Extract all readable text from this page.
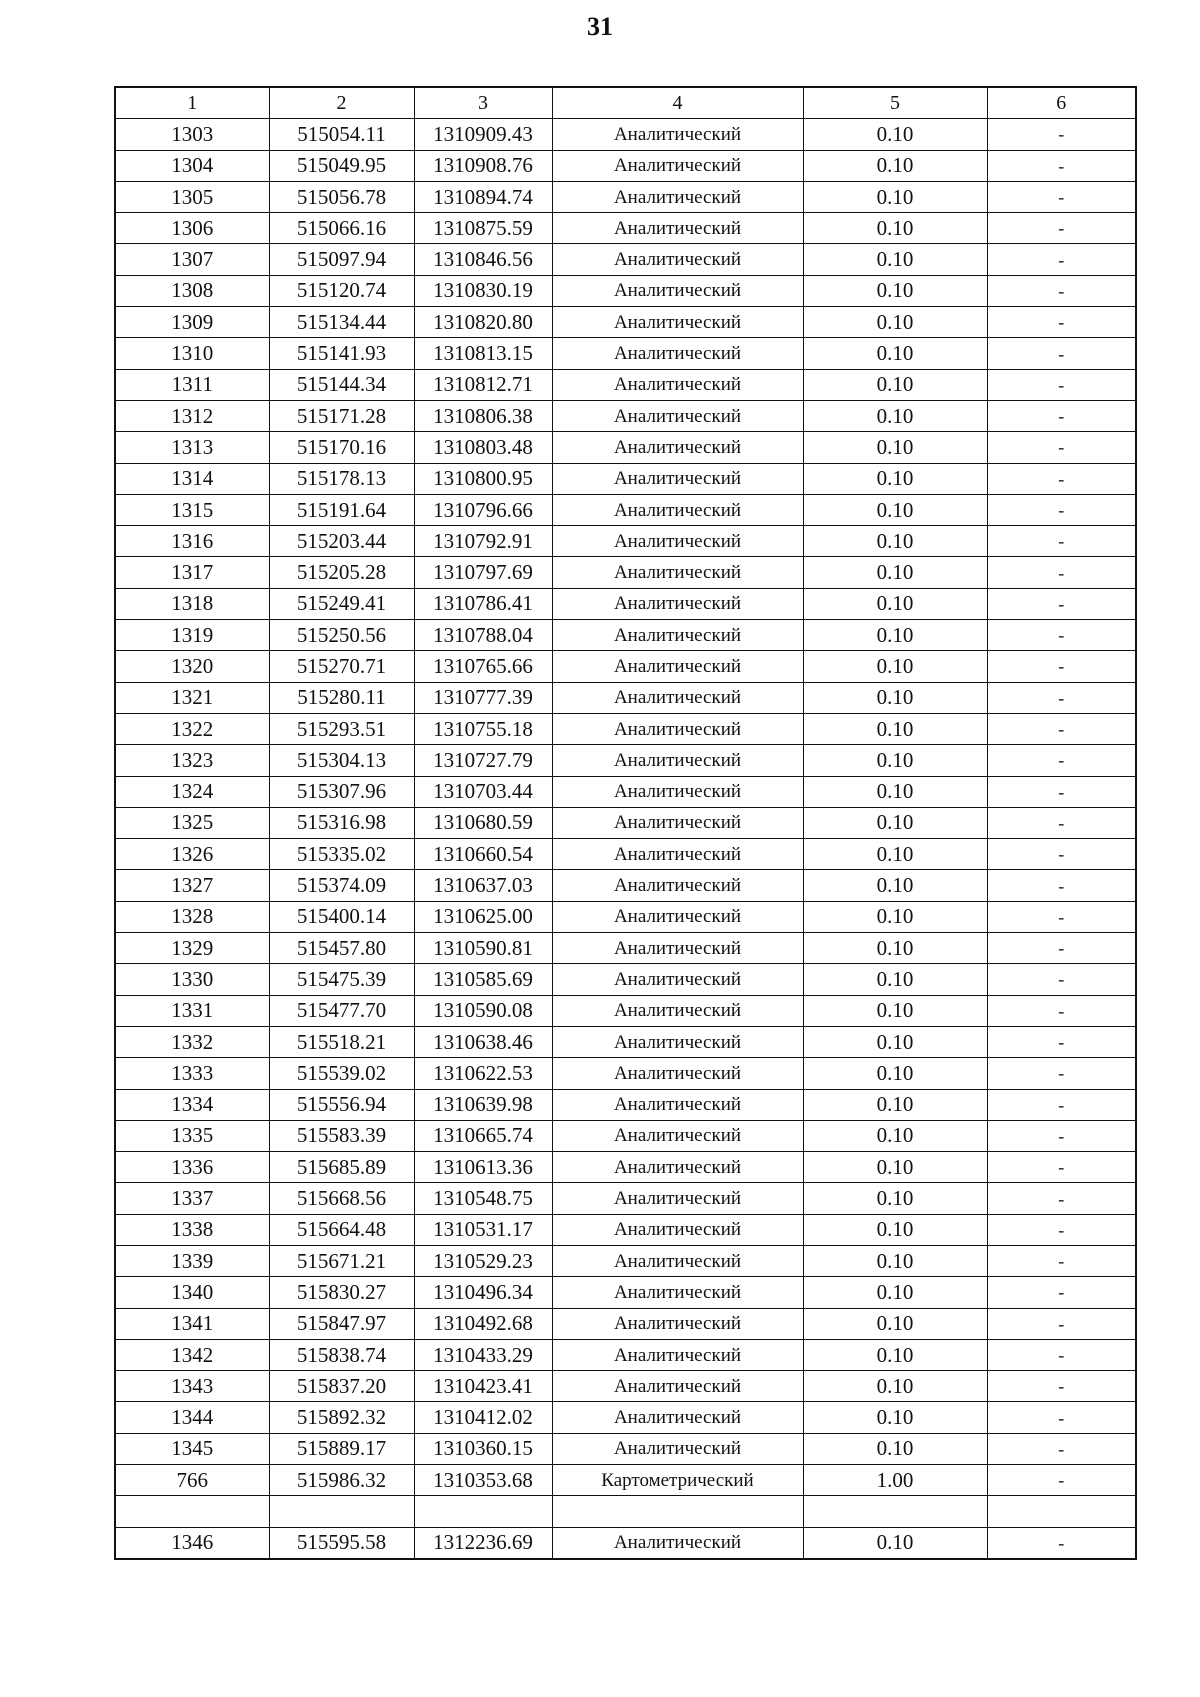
31
1	2	3	4	5	6
1303	515054.11	1310909.43	Аналитический	0.10	-
1304	515049.95	1310908.76	Аналитический	0.10	-
1305	515056.78	1310894.74	Аналитический	0.10	-
1306	515066.16	1310875.59	Аналитический	0.10	-
1307	515097.94	1310846.56	Аналитический	0.10	-
1308	515120.74	1310830.19	Аналитический	0.10	-
1309	515134.44	1310820.80	Аналитический	0.10	-
1310	515141.93	1310813.15	Аналитический	0.10	-
1311	515144.34	1310812.71	Аналитический	0.10	-
1312	515171.28	1310806.38	Аналитический	0.10	-
1313	515170.16	1310803.48	Аналитический	0.10	-
1314	515178.13	1310800.95	Аналитический	0.10	-
1315	515191.64	1310796.66	Аналитический	0.10	-
1316	515203.44	1310792.91	Аналитический	0.10	-
1317	515205.28	1310797.69	Аналитический	0.10	-
1318	515249.41	1310786.41	Аналитический	0.10	-
1319	515250.56	1310788.04	Аналитический	0.10	-
1320	515270.71	1310765.66	Аналитический	0.10	-
1321	515280.11	1310777.39	Аналитический	0.10	-
1322	515293.51	1310755.18	Аналитический	0.10	-
1323	515304.13	1310727.79	Аналитический	0.10	-
1324	515307.96	1310703.44	Аналитический	0.10	-
1325	515316.98	1310680.59	Аналитический	0.10	-
1326	515335.02	1310660.54	Аналитический	0.10	-
1327	515374.09	1310637.03	Аналитический	0.10	-
1328	515400.14	1310625.00	Аналитический	0.10	-
1329	515457.80	1310590.81	Аналитический	0.10	-
1330	515475.39	1310585.69	Аналитический	0.10	-
1331	515477.70	1310590.08	Аналитический	0.10	-
1332	515518.21	1310638.46	Аналитический	0.10	-
1333	515539.02	1310622.53	Аналитический	0.10	-
1334	515556.94	1310639.98	Аналитический	0.10	-
1335	515583.39	1310665.74	Аналитический	0.10	-
1336	515685.89	1310613.36	Аналитический	0.10	-
1337	515668.56	1310548.75	Аналитический	0.10	-
1338	515664.48	1310531.17	Аналитический	0.10	-
1339	515671.21	1310529.23	Аналитический	0.10	-
1340	515830.27	1310496.34	Аналитический	0.10	-
1341	515847.97	1310492.68	Аналитический	0.10	-
1342	515838.74	1310433.29	Аналитический	0.10	-
1343	515837.20	1310423.41	Аналитический	0.10	-
1344	515892.32	1310412.02	Аналитический	0.10	-
1345	515889.17	1310360.15	Аналитический	0.10	-
766	515986.32	1310353.68	Картометрический	1.00	-

1346	515595.58	1312236.69	Аналитический	0.10	-
